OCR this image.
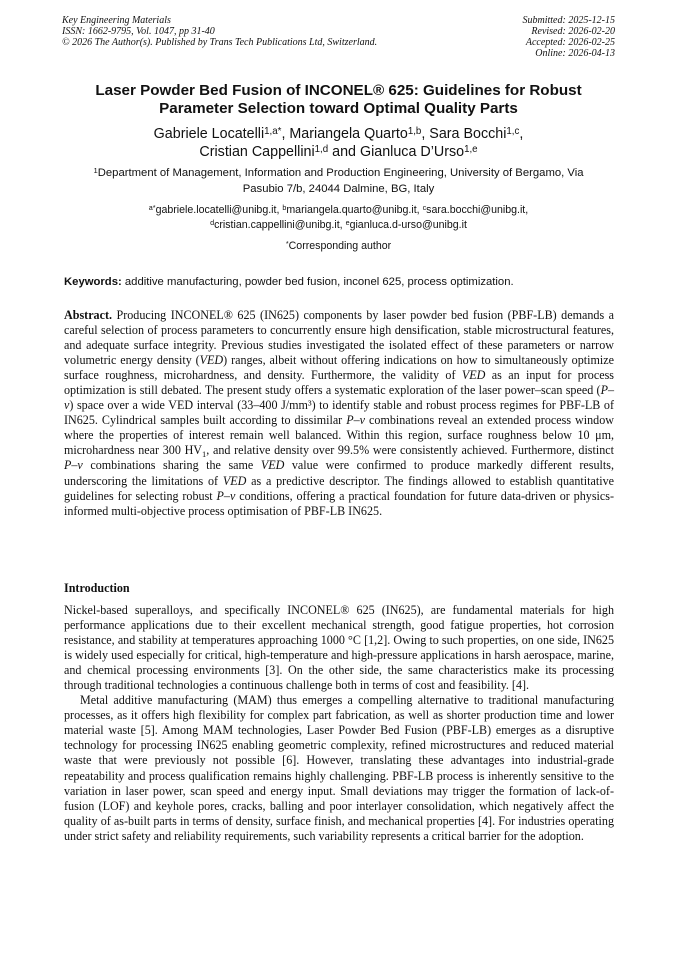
Key Engineering Materials
ISSN: 1662-9795, Vol. 1047, pp 31-40
© 2026 The Author(s). Published by Trans Tech Publications Ltd, Switzerland.
Submitted: 2025-12-15
Revised: 2026-02-20
Accepted: 2026-02-25
Online: 2026-04-13
Laser Powder Bed Fusion of INCONEL® 625: Guidelines for Robust
Parameter Selection toward Optimal Quality Parts
Gabriele Locatelli$^{1,a*}$, Mariangela Quarto$^{1,b}$, Sara Bocchi$^{1,c}$,
Cristian Cappellini$^{1,d}$ and Gianluca D’Urso$^{1,e}$
$^1$Department of Management, Information and Production Engineering, University of Bergamo, Via
Pasubio 7/b, 24044 Dalmine, BG, Italy
$^{a*}$gabriele.locatelli@unibg.it, $^b$mariangela.quarto@unibg.it, $^c$sara.bocchi@unibg.it,
$^d$cristian.cappellini@unibg.it, $^e$gianluca.d-urso@unibg.it
*Corresponding author
Keywords: additive manufacturing, powder bed fusion, inconel 625, process optimization.
Abstract. Producing INCONEL® 625 (IN625) components by laser powder bed fusion (PBF-LB) demands a careful selection of process parameters to concurrently ensure high densification, stable microstructural features, and adequate surface integrity. Previous studies investigated the isolated effect of these parameters or narrow volumetric energy density (VED) ranges, albeit without offering indications on how to simultaneously optimize surface roughness, microhardness, and density. Furthermore, the validity of VED as an input for process optimization is still debated. The present study offers a systematic exploration of the laser power–scan speed (P–v) space over a wide VED interval (33–400 J/mm³) to identify stable and robust process regimes for PBF-LB of IN625. Cylindrical samples built according to dissimilar P–v combinations reveal an extended process window where the properties of interest remain well balanced. Within this region, surface roughness below 10 μm, microhardness near 300 HV1, and relative density over 99.5% were consistently achieved. Furthermore, distinct P–v combinations sharing the same VED value were confirmed to produce markedly different results, underscoring the limitations of VED as a predictive descriptor. The findings allowed to establish quantitative guidelines for selecting robust P–v conditions, offering a practical foundation for future data-driven or physics-informed multi-objective process optimisation of PBF-LB IN625.
Introduction

Nickel-based superalloys, and specifically INCONEL® 625 (IN625), are fundamental materials for high performance applications due to their excellent mechanical strength, good fatigue properties, hot corrosion resistance, and stability at temperatures approaching 1000 °C [1,2]. Owing to such properties, on one side, IN625 is widely used especially for critical, high-temperature and high-pressure applications in harsh aerospace, marine, and chemical processing environments [3]. On the other side, the same characteristics make its processing through traditional technologies a continuous challenge both in terms of cost and feasibility. [4].

Metal additive manufacturing (MAM) thus emerges a compelling alternative to traditional manufacturing processes, as it offers high flexibility for complex part fabrication, as well as shorter production time and lower material waste [5]. Among MAM technologies, Laser Powder Bed Fusion (PBF-LB) emerges as a disruptive technology for processing IN625 enabling geometric complexity, refined microstructures and reduced material waste that were previously not possible [6]. However, translating these advantages into industrial-grade repeatability and process qualification remains highly challenging. PBF-LB process is inherently sensitive to the variation in laser power, scan speed and energy input. Small deviations may trigger the formation of lack-of-fusion (LOF) and keyhole pores, cracks, balling and poor interlayer consolidation, which negatively affect the quality of as-built parts in terms of density, surface finish, and mechanical properties [4]. For industries operating under strict safety and reliability requirements, such variability represents a critical barrier for the adoption.
